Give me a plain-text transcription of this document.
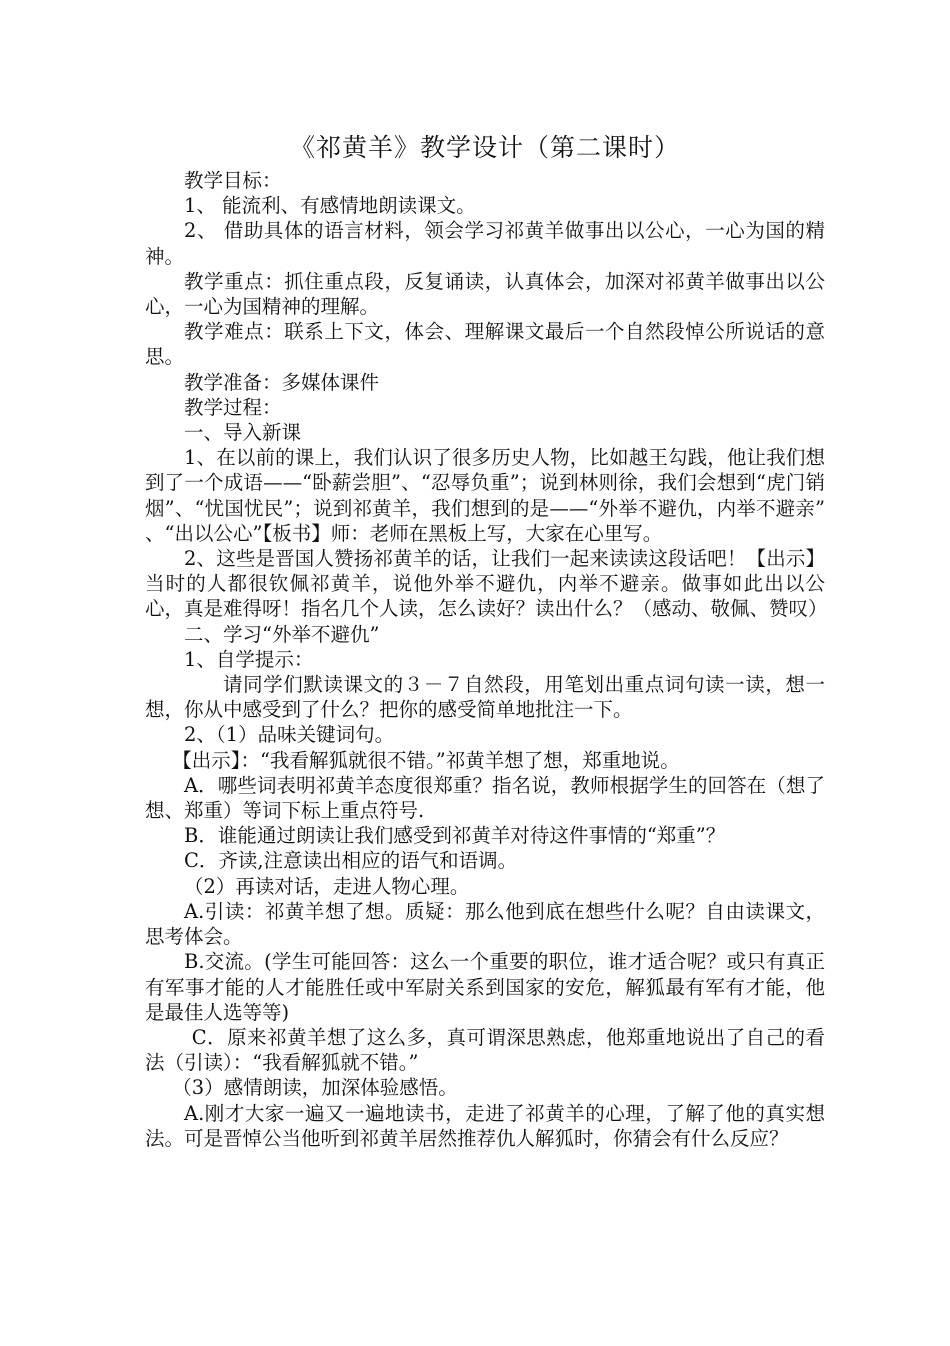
《祁黄羊》教学设计（第二课时）

教学目标：

1、 能流利、有感情地朗读课文。

2、 借助具体的语言材料，领会学习祁黄羊做事出以公心，一心为国的精神。

教学重点：抓住重点段，反复诵读，认真体会，加深对祁黄羊做事出以公心，一心为国精神的理解。

教学难点：联系上下文，体会、理解课文最后一个自然段悼公所说话的意思。

教学准备：多媒体课件

教学过程：

一、导入新课

1、在以前的课上，我们认识了很多历史人物，比如越王勾践，他让我们想到了一个成语——“卧薪尝胆”、“忍辱负重”；说到林则徐，我们会想到“虎门销烟”、“忧国忧民”；说到祁黄羊，我们想到的是——“外举不避仇，内举不避亲” 、“出以公心”【板书】师：老师在黑板上写，大家在心里写。

2、这些是晋国人赞扬祁黄羊的话，让我们一起来读读这段话吧！【出示】当时的人都很钦佩祁黄羊，说他外举不避仇，内举不避亲。做事如此出以公心，真是难得呀！指名几个人读，怎么读好？读出什么？（感动、敬佩、赞叹）

二、学习“外举不避仇”

1、自学提示：

请同学们默读课文的３－７自然段，用笔划出重点词句读一读，想一想，你从中感受到了什么？把你的感受简单地批注一下。

2、（1）品味关键词句。

【出示】：“我看解狐就很不错。”祁黄羊想了想，郑重地说。

A．哪些词表明祁黄羊态度很郑重？指名说，教师根据学生的回答在（想了想、郑重）等词下标上重点符号.

B．谁能通过朗读让我们感受到祁黄羊对待这件事情的“郑重”？

C．齐读,注意读出相应的语气和语调。

（2）再读对话，走进人物心理。

A.引读：祁黄羊想了想。质疑：那么他到底在想些什么呢？自由读课文，思考体会。

B.交流。(学生可能回答：这么一个重要的职位，谁才适合呢？或只有真正有军事才能的人才能胜任或中军尉关系到国家的安危，解狐最有军有才能，他是最佳人选等等)

C．原来祁黄羊想了这么多，真可谓深思熟虑，他郑重地说出了自己的看法（引读）：“我看解狐就不错。”

（3）感情朗读，加深体验感悟。

A.刚才大家一遍又一遍地读书，走进了祁黄羊的心理，了解了他的真实想法。可是晋悼公当他听到祁黄羊居然推荐仇人解狐时，你猜会有什么反应？
